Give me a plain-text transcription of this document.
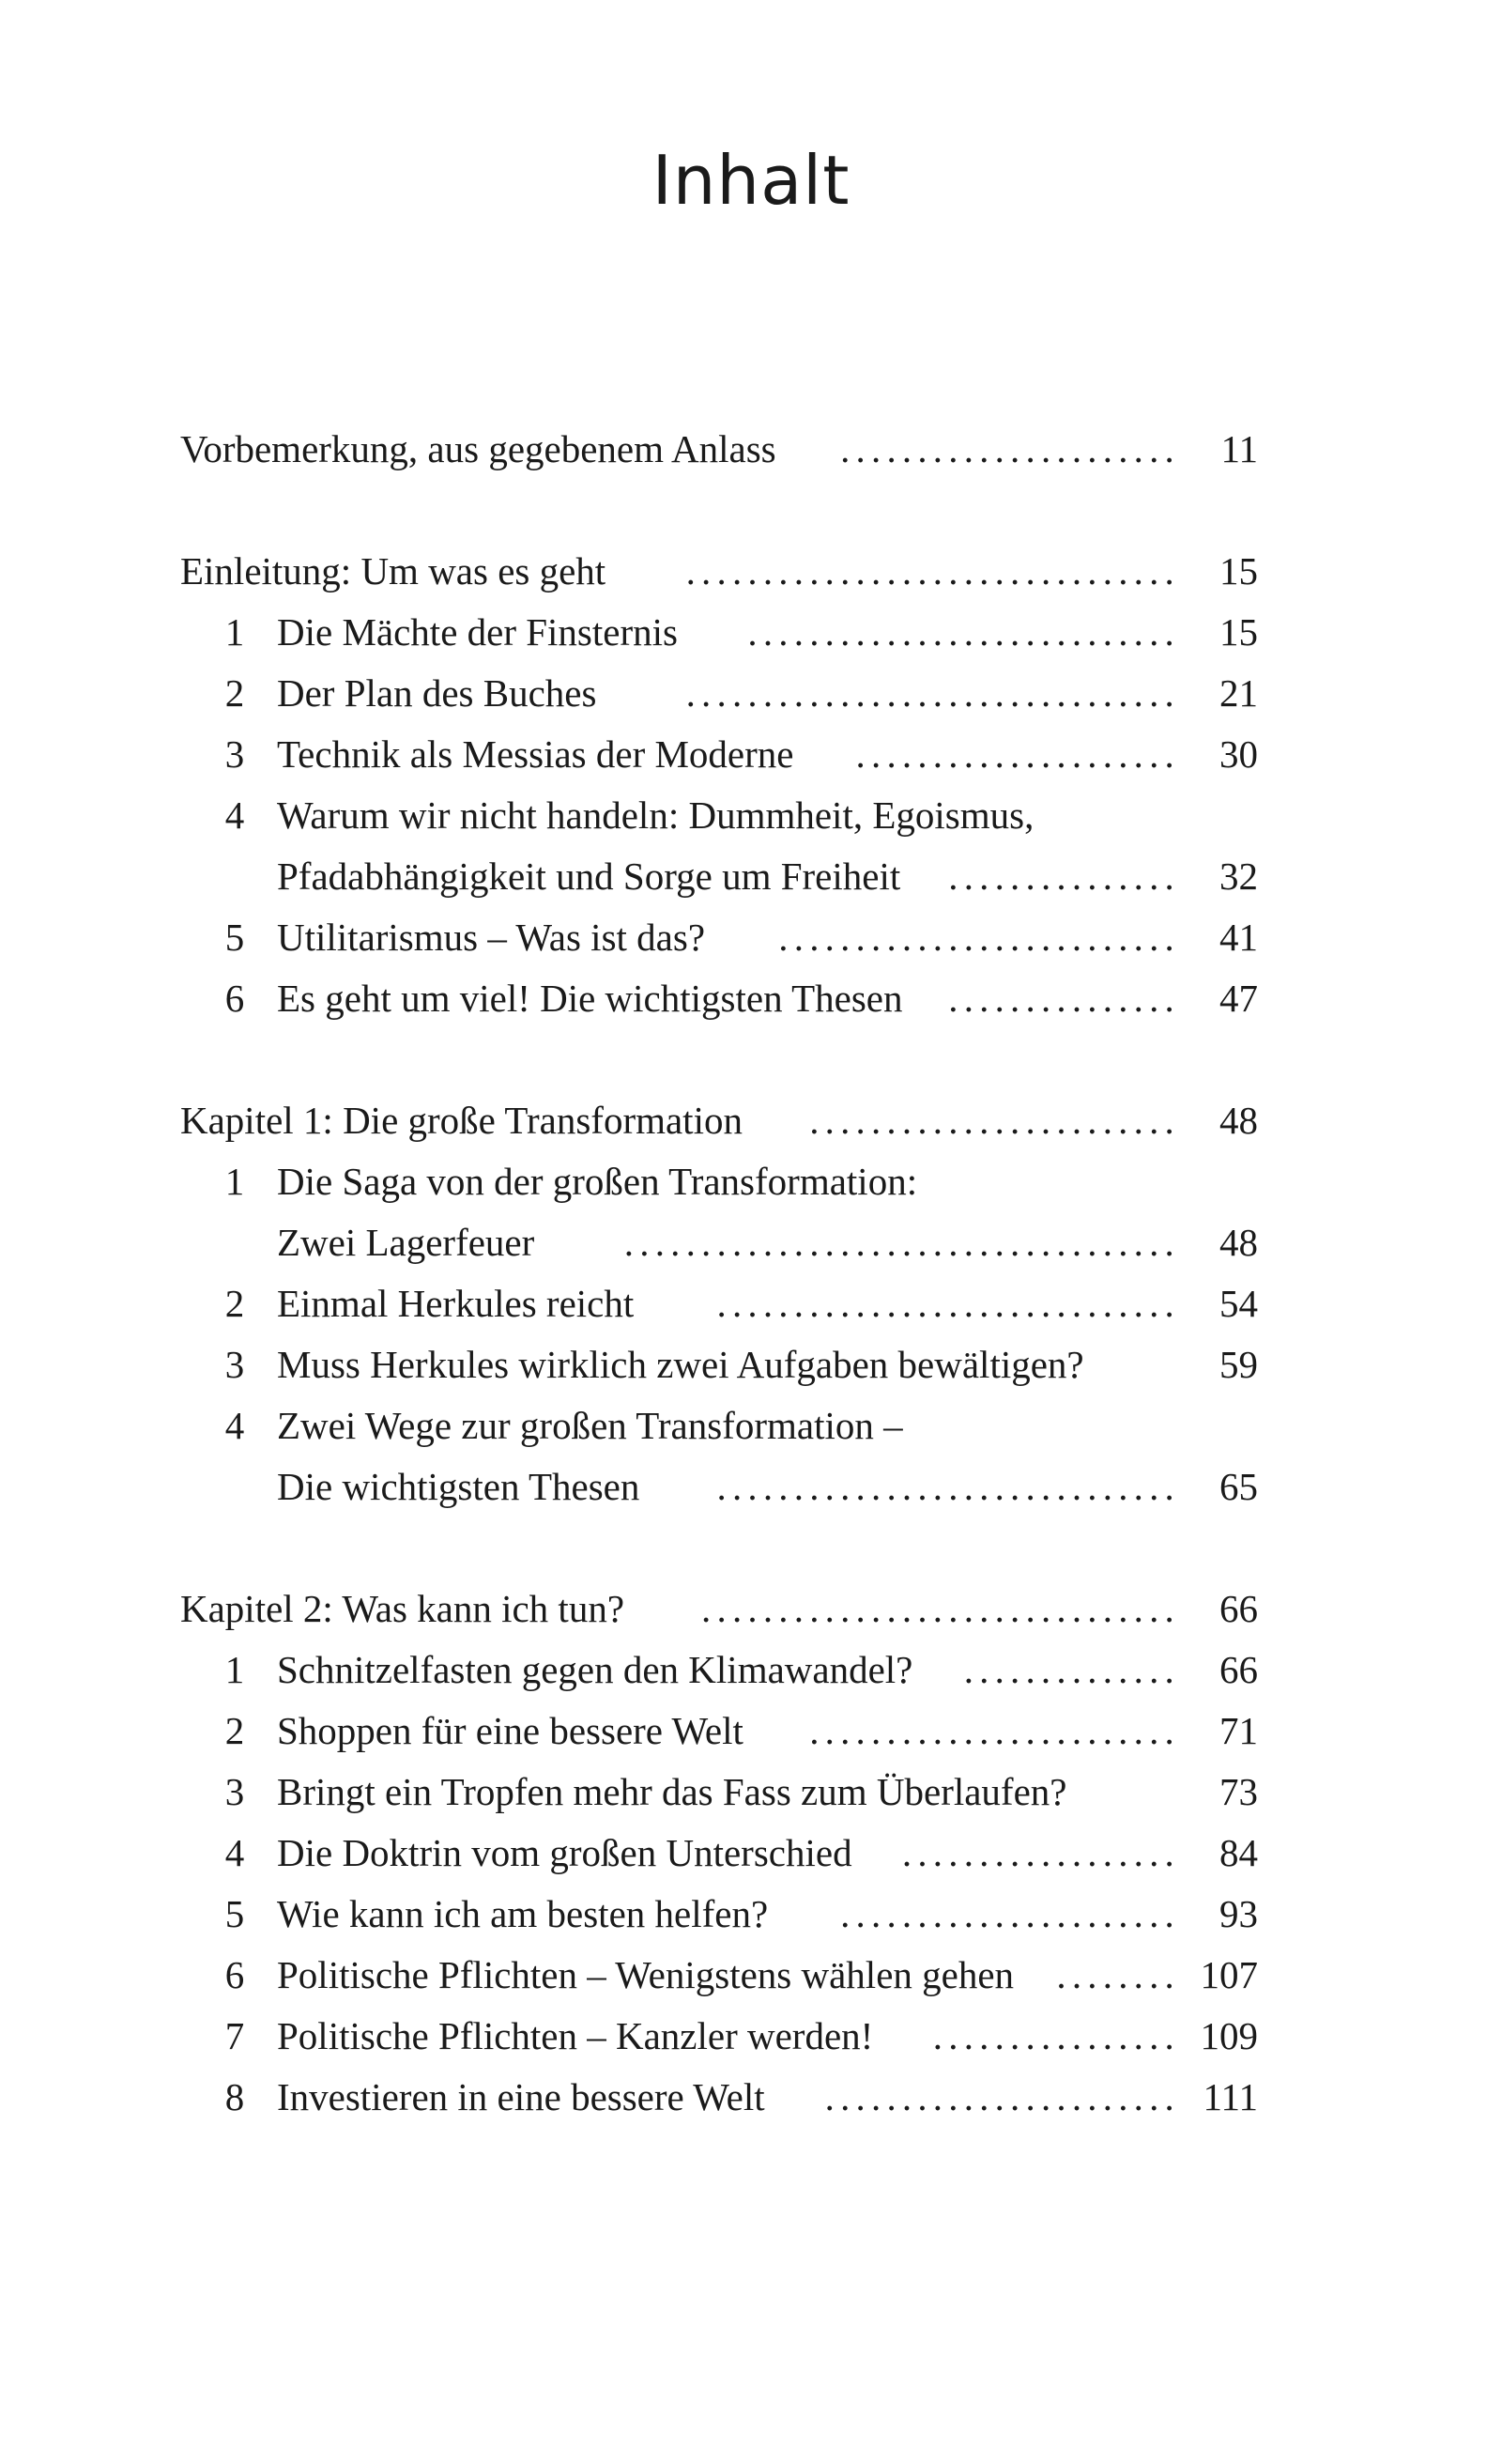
Inhalt
Vorbemerkung, aus gegebenem Anlass	11
......................
Einleitung: Um was es geht	15
................................
1 Die Mächte der Finsternis	15
............................
2 Der Plan des Buches	21
................................
3 Technik als Messias der Moderne	30
.....................
4 Warum wir nicht handeln: Dummheit, Egoismus,
Pfadabhängigkeit und Sorge um Freiheit	32
...............
5 Utilitarismus – Was ist das?	41
..........................
6 Es geht um viel! Die wichtigsten Thesen	47
...............
Kapitel 1: Die große Transformation	48
........................
1 Die Saga von der großen Transformation:
Zwei Lagerfeuer	48
....................................
2 Einmal Herkules reicht	54
..............................
3 Muss Herkules wirklich zwei Aufgaben bewältigen?	59
4 Zwei Wege zur großen Transformation –
Die wichtigsten Thesen	65
..............................
Kapitel 2: Was kann ich tun?	66
...............................
1 Schnitzelfasten gegen den Klimawandel?	66
..............
2 Shoppen für eine bessere Welt	71
........................
3 Bringt ein Tropfen mehr das Fass zum Überlaufen?	73
4 Die Doktrin vom großen Unterschied	84
..................
5 Wie kann ich am besten helfen?	93
......................
6 Politische Pflichten – Wenigstens wählen gehen	107
........
7 Politische Pflichten – Kanzler werden!	109
................
8 Investieren in eine bessere Welt	111
.......................
